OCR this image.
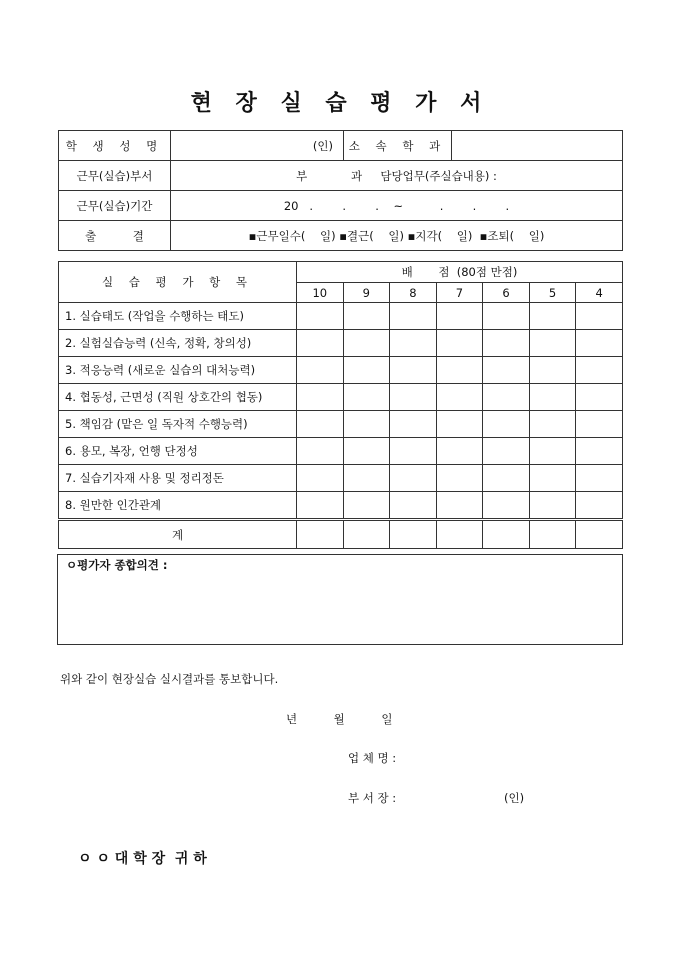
현 장 실 습 평 가 서
학 생 성 명	(인)	소 속 학 과	
근무(실습)부서	부            과     담당업무(주실습내용) :		
근무(실습)기간	20   .        .        .    ~          .        .        .		
출          결	▪근무일수(    일) ▪결근(    일) ▪지각(    일)  ▪조퇴(    일)		
실 습 평 가 항 목	배       점  (80점 만점)						
	10	9	8	7	6	5	4
1. 실습태도 (작업을 수행하는 태도)							
2. 실험실습능력 (신속, 정확, 창의성)							
3. 적응능력 (새로운 실습의 대처능력)							
4. 협동성, 근면성 (직원 상호간의 협동)							
5. 책임감 (맡은 일 독자적 수행능력)							
6. 용모, 복장, 언행 단정성							
7. 실습기자재 사용 및 정리정돈							
8. 원만한 인간관계							
계							
ㅇ평가자 종합의견 :
위와 같이 현장실습 실시결과를 통보합니다.
년          월          일
업 체 명 :
부 서 장 :	(인)
ㅇ ㅇ 대 학 장  귀 하
